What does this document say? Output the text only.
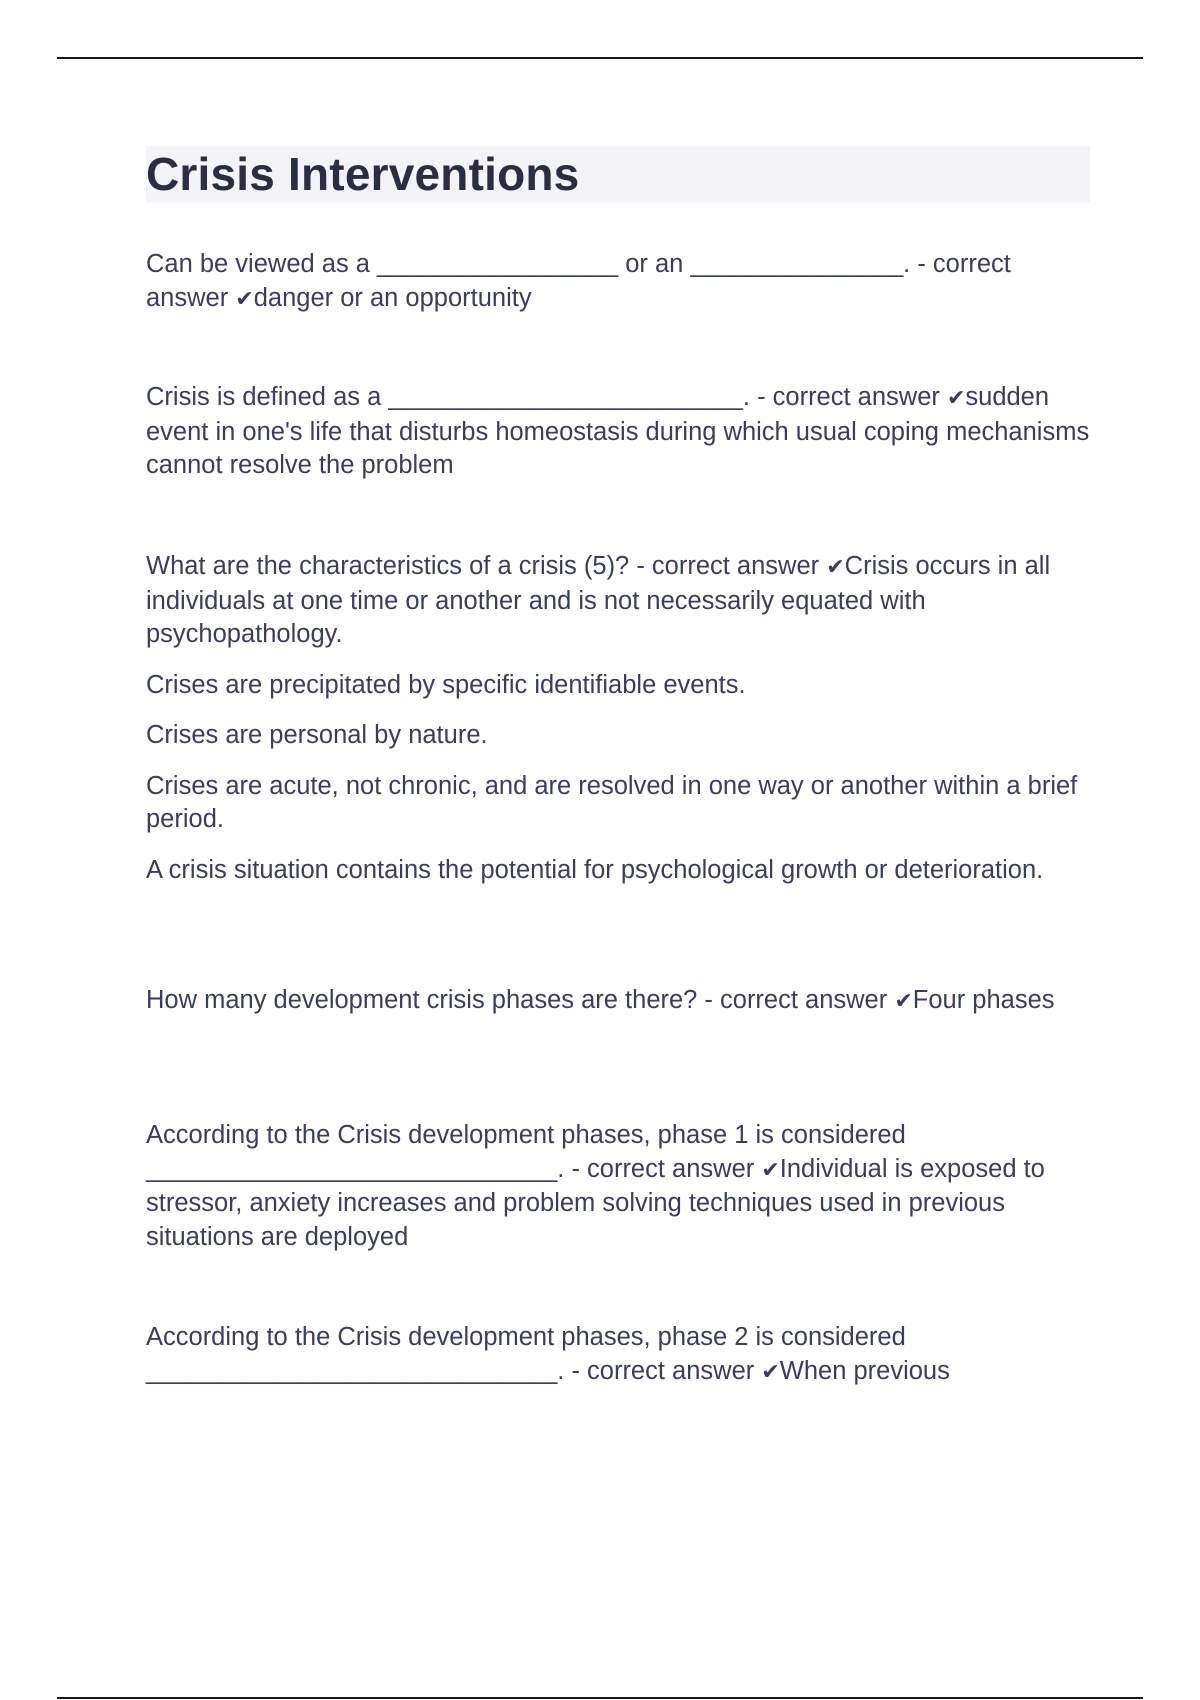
Crisis Interventions

Can be viewed as a _________________ or an _______________. - correct answer ✔danger or an opportunity

Crisis is defined as a _________________________. - correct answer ✔sudden event in one's life that disturbs homeostasis during which usual coping mechanisms cannot resolve the problem

What are the characteristics of a crisis (5)? - correct answer ✔Crisis occurs in all individuals at one time or another and is not necessarily equated with psychopathology.

Crises are precipitated by specific identifiable events.

Crises are personal by nature.

Crises are acute, not chronic, and are resolved in one way or another within a brief period.

A crisis situation contains the potential for psychological growth or deterioration.

How many development crisis phases are there? - correct answer ✔Four phases

According to the Crisis development phases, phase 1 is considered _____________________________. - correct answer ✔Individual is exposed to stressor, anxiety increases and problem solving techniques used in previous situations are deployed

According to the Crisis development phases, phase 2 is considered _____________________________. - correct answer ✔When previous
